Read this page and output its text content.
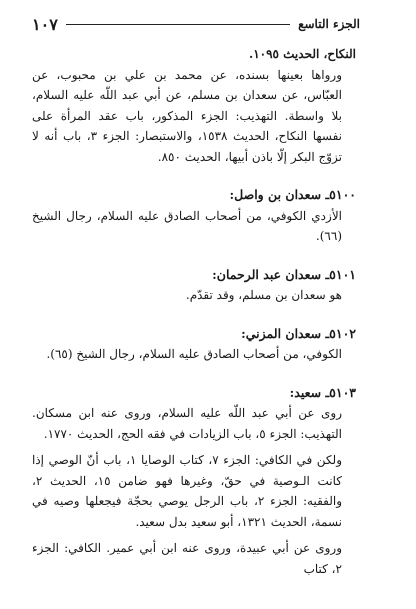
الجزء التاسع
١٠٧

النكاح، الحديث ١٠٩٥.

ورواها بعينها بسنده، عن محمد بن علي بن محبوب، عن العبّاس، عن سعدان بن مسلم، عن أبي عبد اللّه عليه السلام، بلا واسطة. التهذيب: الجزء المذكور، باب عقد المرأة على نفسها النكاح، الحديث ١٥٣٨، والاستبصار: الجزء ٣، باب أنه لا تزوّج البكر إلّا باذن أبيها، الحديث ٨٥٠.

٥١٠٠ـ سعدان بن واصل:

الأزدي الكوفي، من أصحاب الصادق عليه السلام، رجال الشيخ (٦٦).

٥١٠١ـ سعدان عبد الرحمان:

هو سعدان بن مسلم، وقد تقدّم.

٥١٠٢ـ سعدان المزني:

الكوفي، من أصحاب الصادق عليه السلام، رجال الشيخ (٦٥).

٥١٠٣ـ سعيد:

روى عن أبي عبد اللّه عليه السلام، وروى عنه ابن مسكان. التهذيب: الجزء ٥، باب الزيادات في فقه الحج، الحديث ١٧٧٠.

ولكن في الكافي: الجزء ٧، كتاب الوصايا ١، باب أنّ الوصي إذا كانت الـوصية في حقّ، وغيرها فهو ضامن ١٥، الحديث ٢، والفقيه: الجزء ٢، باب الرجل يوصي بحجّة فيجعلها وصيه في نسمة، الحديث ١٣٢١، أبو سعيد بدل سعيد.

وروى عن أبي عبيدة، وروى عنه ابن أبي عمير. الكافي: الجزء ٢، كتاب
